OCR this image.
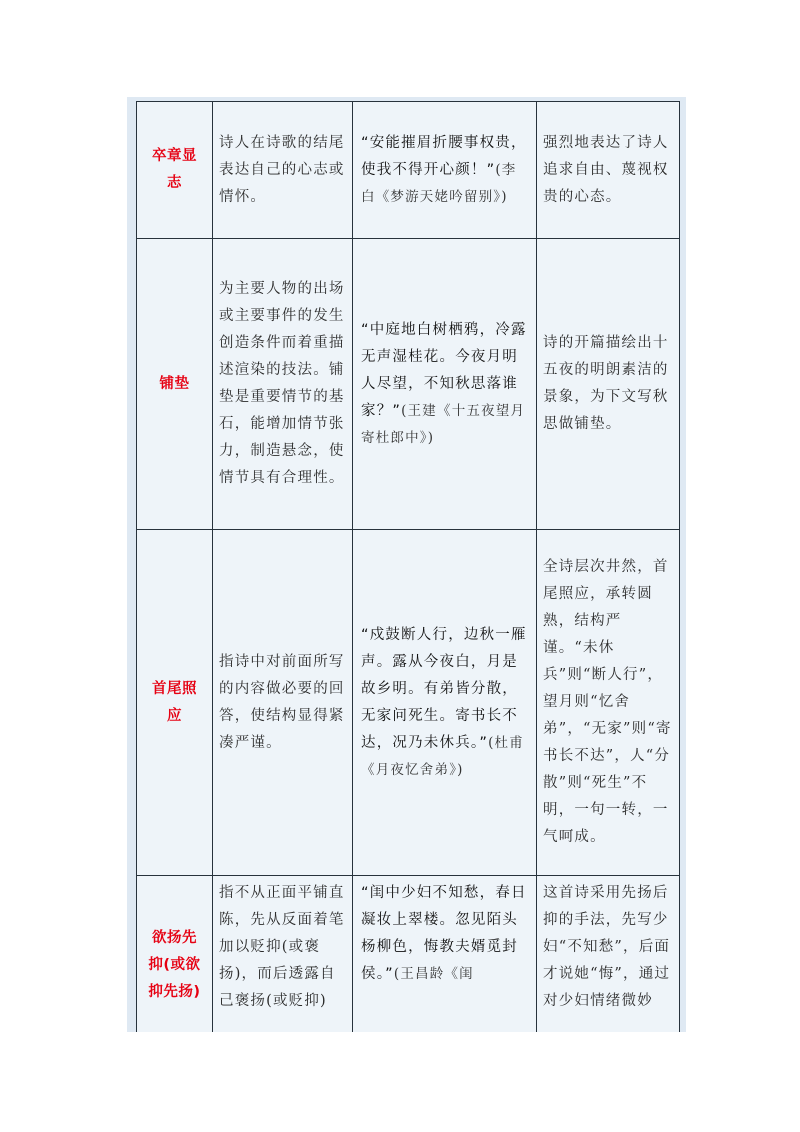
卒章显志	诗人在诗歌的结尾表达自己的心志或情怀。	“安能摧眉折腰事权贵，使我不得开心颜！”(李白《梦游天姥吟留别》)	强烈地表达了诗人追求自由、蔑视权贵的心态。
铺垫	为主要人物的出场或主要事件的发生创造条件而着重描述渲染的技法。铺垫是重要情节的基石，能增加情节张力，制造悬念，使情节具有合理性。	“中庭地白树栖鸦，冷露无声湿桂花。今夜月明人尽望，不知秋思落谁家？”(王建《十五夜望月寄杜郎中》)	诗的开篇描绘出十五夜的明朗素洁的景象，为下文写秋思做铺垫。
首尾照应	指诗中对前面所写的内容做必要的回答，使结构显得紧凑严谨。	“戍鼓断人行，边秋一雁声。露从今夜白，月是故乡明。有弟皆分散，无家问死生。寄书长不达，况乃未休兵。”(杜甫《月夜忆舍弟》)	全诗层次井然，首尾照应，承转圆熟，结构严谨。“未休兵”则“断人行”，望月则“忆舍弟”，“无家”则“寄书长不达”，人“分散”则“死生”不明，一句一转，一气呵成。
欲扬先抑(或欲抑先扬)	指不从正面平铺直陈，先从反面着笔加以贬抑(或褒扬)，而后透露自己褒扬(或贬抑)	“闺中少妇不知愁，春日凝妆上翠楼。忽见陌头杨柳色，悔教夫婿觅封侯。”(王昌龄《闺	这首诗采用先扬后抑的手法，先写少妇“不知愁”，后面才说她“悔”，通过对少妇情绪微妙
